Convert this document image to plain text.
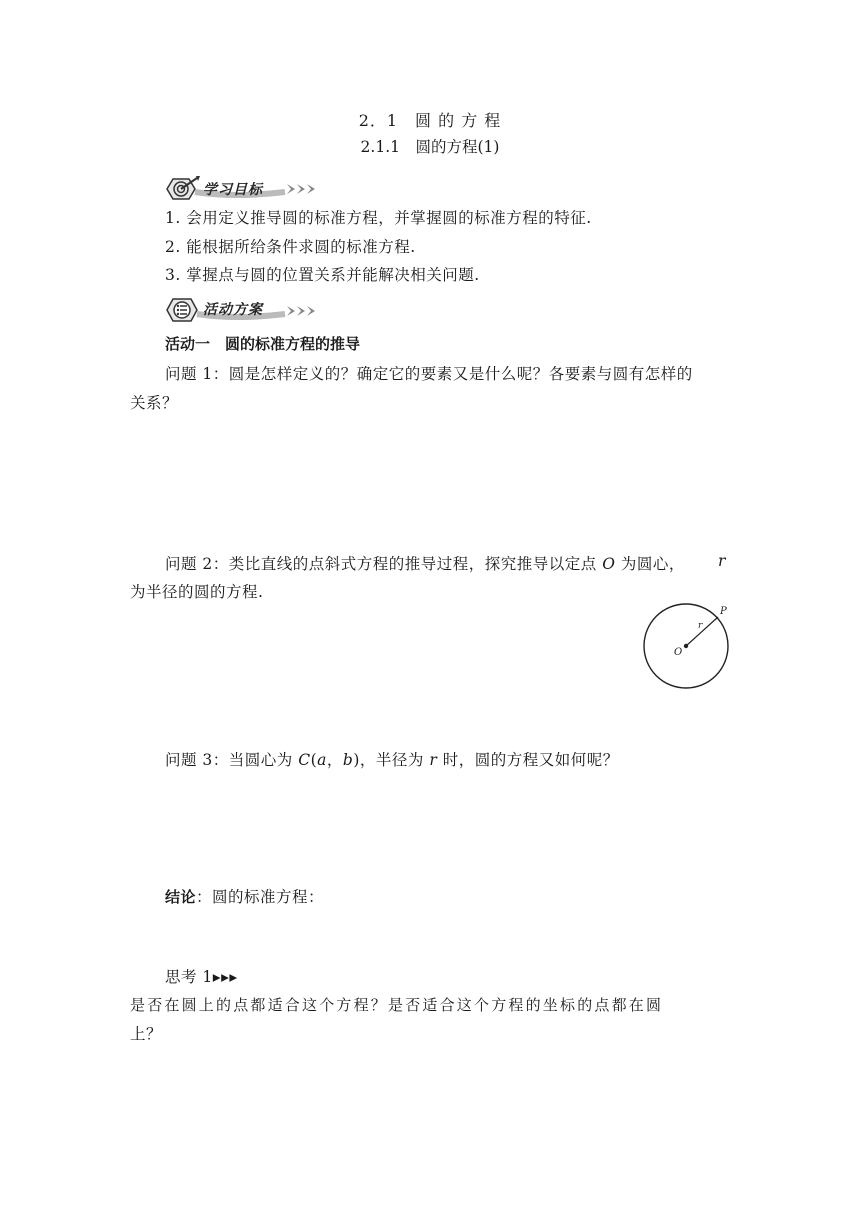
2．1　圆 的 方 程
2.1.1　圆的方程(1)
学习目标
1. 会用定义推导圆的标准方程，并掌握圆的标准方程的特征.
2. 能根据所给条件求圆的标准方程.
3. 掌握点与圆的位置关系并能解决相关问题.
活动方案
活动一　圆的标准方程的推导
问题 1：圆是怎样定义的？确定它的要素又是什么呢？各要素与圆有怎样的
关系？
问题 2：类比直线的点斜式方程的推导过程，探究推导以定点 O 为圆心， r
为半径的圆的方程.
P
r
O
问题 3：当圆心为 C(a，b)，半径为 r 时，圆的方程又如何呢？
结论：圆的标准方程：
思考 1▸▸▸
是否在圆上的点都适合这个方程？是否适合这个方程的坐标的点都在圆
上？
